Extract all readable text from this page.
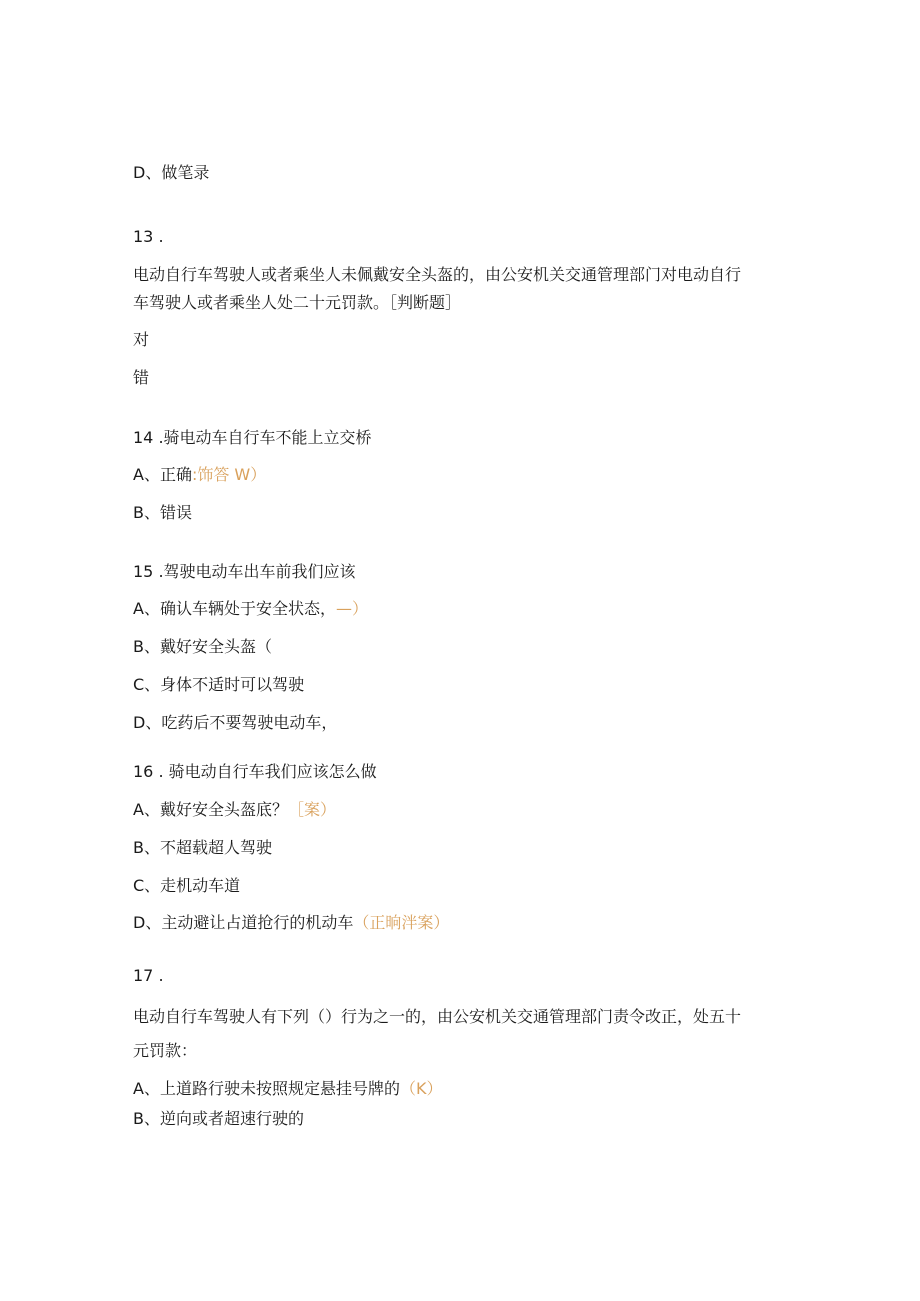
D、做笔录
13 .
电动自行车驾驶人或者乘坐人未佩戴安全头盔的，由公安机关交通管理部门对电动自行
车驾驶人或者乘坐人处二十元罚款。［判断题］
对
错
14 .骑电动车自行车不能上立交桥
A、正确:饰答 W）
B、错误
15 .驾驶电动车出车前我们应该
A、确认车辆处于安全状态，—）
B、戴好安全头盔（
C、身体不适时可以驾驶
D、吃药后不要驾驶电动车，
16 . 骑电动自行车我们应该怎么做
A、戴好安全头盔底？［案）
B、不超载超人驾驶
C、走机动车道
D、主动避让占道抢行的机动车（正晌泮案）
17 .
电动自行车驾驶人有下列（）行为之一的，由公安机关交通管理部门责令改正，处五十
元罚款：
A、上道路行驶未按照规定悬挂号牌的（K）
B、逆向或者超速行驶的
